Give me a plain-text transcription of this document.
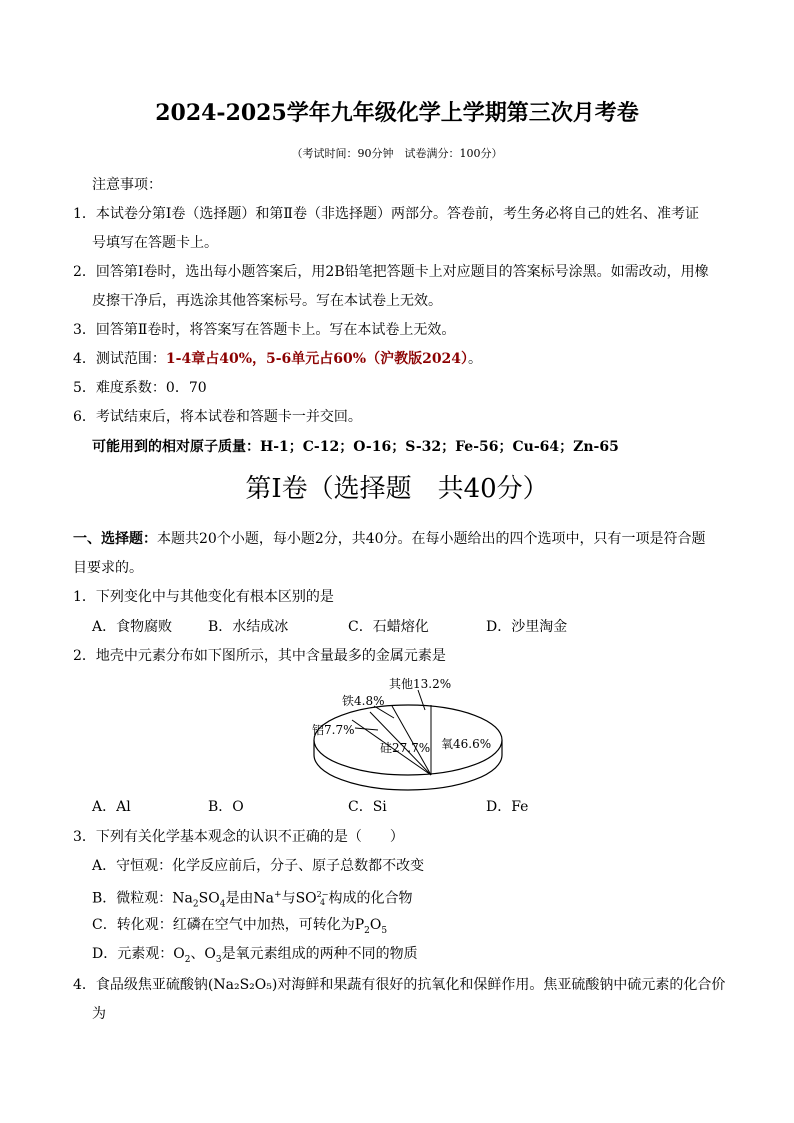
2024-2025学年九年级化学上学期第三次月考卷
（考试时间：90分钟　试卷满分：100分）
注意事项：
1．本试卷分第Ⅰ卷（选择题）和第Ⅱ卷（非选择题）两部分。答卷前，考生务必将自己的姓名、准考证
号填写在答题卡上。
2．回答第Ⅰ卷时，选出每小题答案后，用2B铅笔把答题卡上对应题目的答案标号涂黑。如需改动，用橡
皮擦干净后，再选涂其他答案标号。写在本试卷上无效。
3．回答第Ⅱ卷时，将答案写在答题卡上。写在本试卷上无效。
4．测试范围：1-4章占40%，5-6单元占60%（沪教版2024）。
5．难度系数：0．70
6．考试结束后，将本试卷和答题卡一并交回。
可能用到的相对原子质量：H-1；C-12；O-16；S-32；Fe-56；Cu-64；Zn-65
第Ⅰ卷（选择题　共40分）
一、选择题：本题共20个小题，每小题2分，共40分。在每小题给出的四个选项中，只有一项是符合题
目要求的。
1．下列变化中与其他变化有根本区别的是
A．食物腐败	B．水结成冰	C．石蜡熔化	D．沙里淘金
2．地壳中元素分布如下图所示，其中含量最多的金属元素是
其他13.2%
铁4.8%
铝7.7%
硅27.7% 氧46.6%
A．Al	B．O	C．Si	D．Fe
3．下列有关化学基本观念的认识不正确的是（　　）
A．守恒观：化学反应前后，分子、原子总数都不改变
B．微粒观：$Na_2SO_4$是由Na+与SO 2−
4 构成的化合物
C．转化观：红磷在空气中加热，可转化为$P_2O_5$
D．元素观：$O_2$、$O_3$是氧元素组成的两种不同的物质
4．食品级焦亚硫酸钠(Na₂S₂O₅)对海鲜和果蔬有很好的抗氧化和保鲜作用。焦亚硫酸钠中硫元素的化合价
为
